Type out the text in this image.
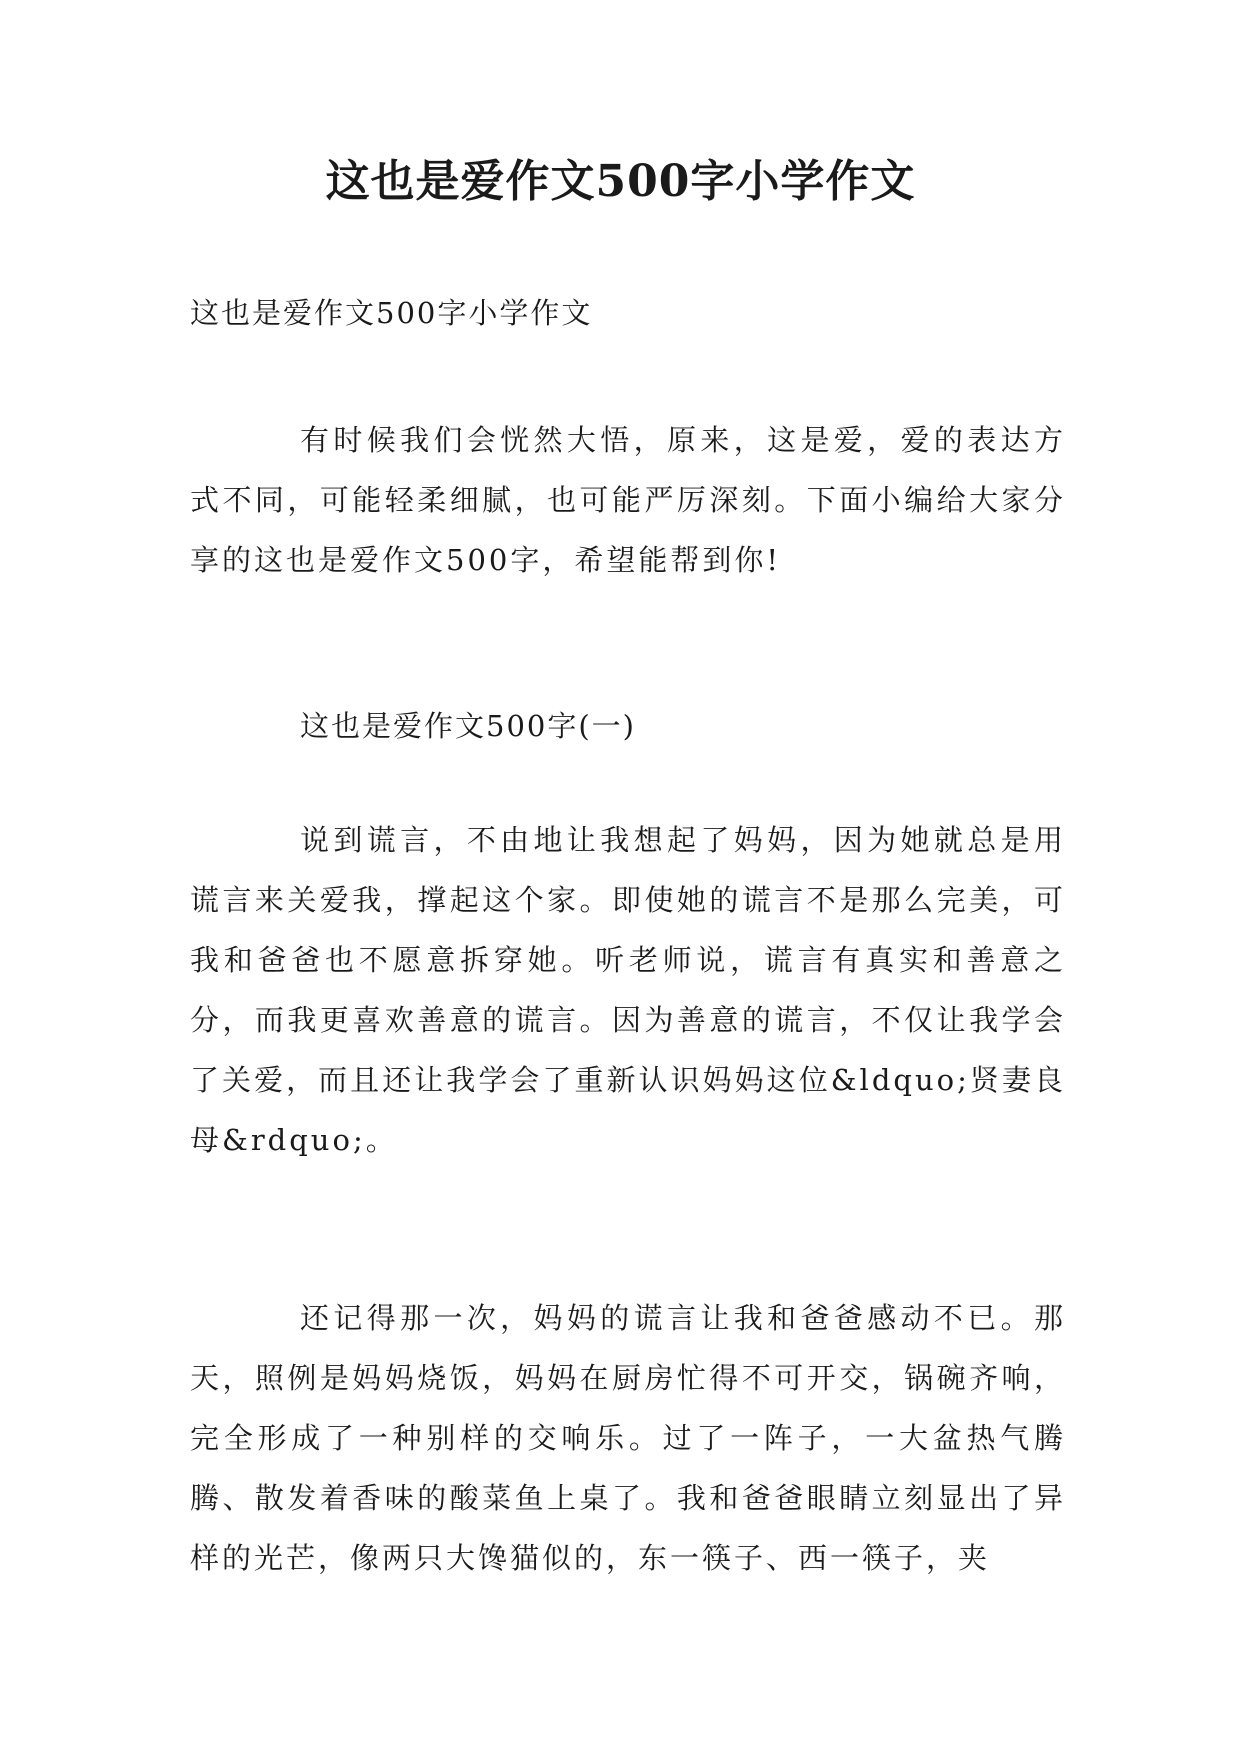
这也是爱作文500字小学作文

这也是爱作文500字小学作文

有时候我们会恍然大悟，原来，这是爱，爱的表达方式不同，可能轻柔细腻，也可能严厉深刻。下面小编给大家分享的这也是爱作文500字，希望能帮到你!

这也是爱作文500字(一)

说到谎言，不由地让我想起了妈妈，因为她就总是用谎言来关爱我，撑起这个家。即使她的谎言不是那么完美，可我和爸爸也不愿意拆穿她。听老师说，谎言有真实和善意之分，而我更喜欢善意的谎言。因为善意的谎言，不仅让我学会了关爱，而且还让我学会了重新认识妈妈这位&ldquo;贤妻良母&rdquo;。

还记得那一次，妈妈的谎言让我和爸爸感动不已。那天，照例是妈妈烧饭，妈妈在厨房忙得不可开交，锅碗齐响，完全形成了一种别样的交响乐。过了一阵子，一大盆热气腾腾、散发着香味的酸菜鱼上桌了。我和爸爸眼睛立刻显出了异样的光芒，像两只大馋猫似的，东一筷子、西一筷子，夹
